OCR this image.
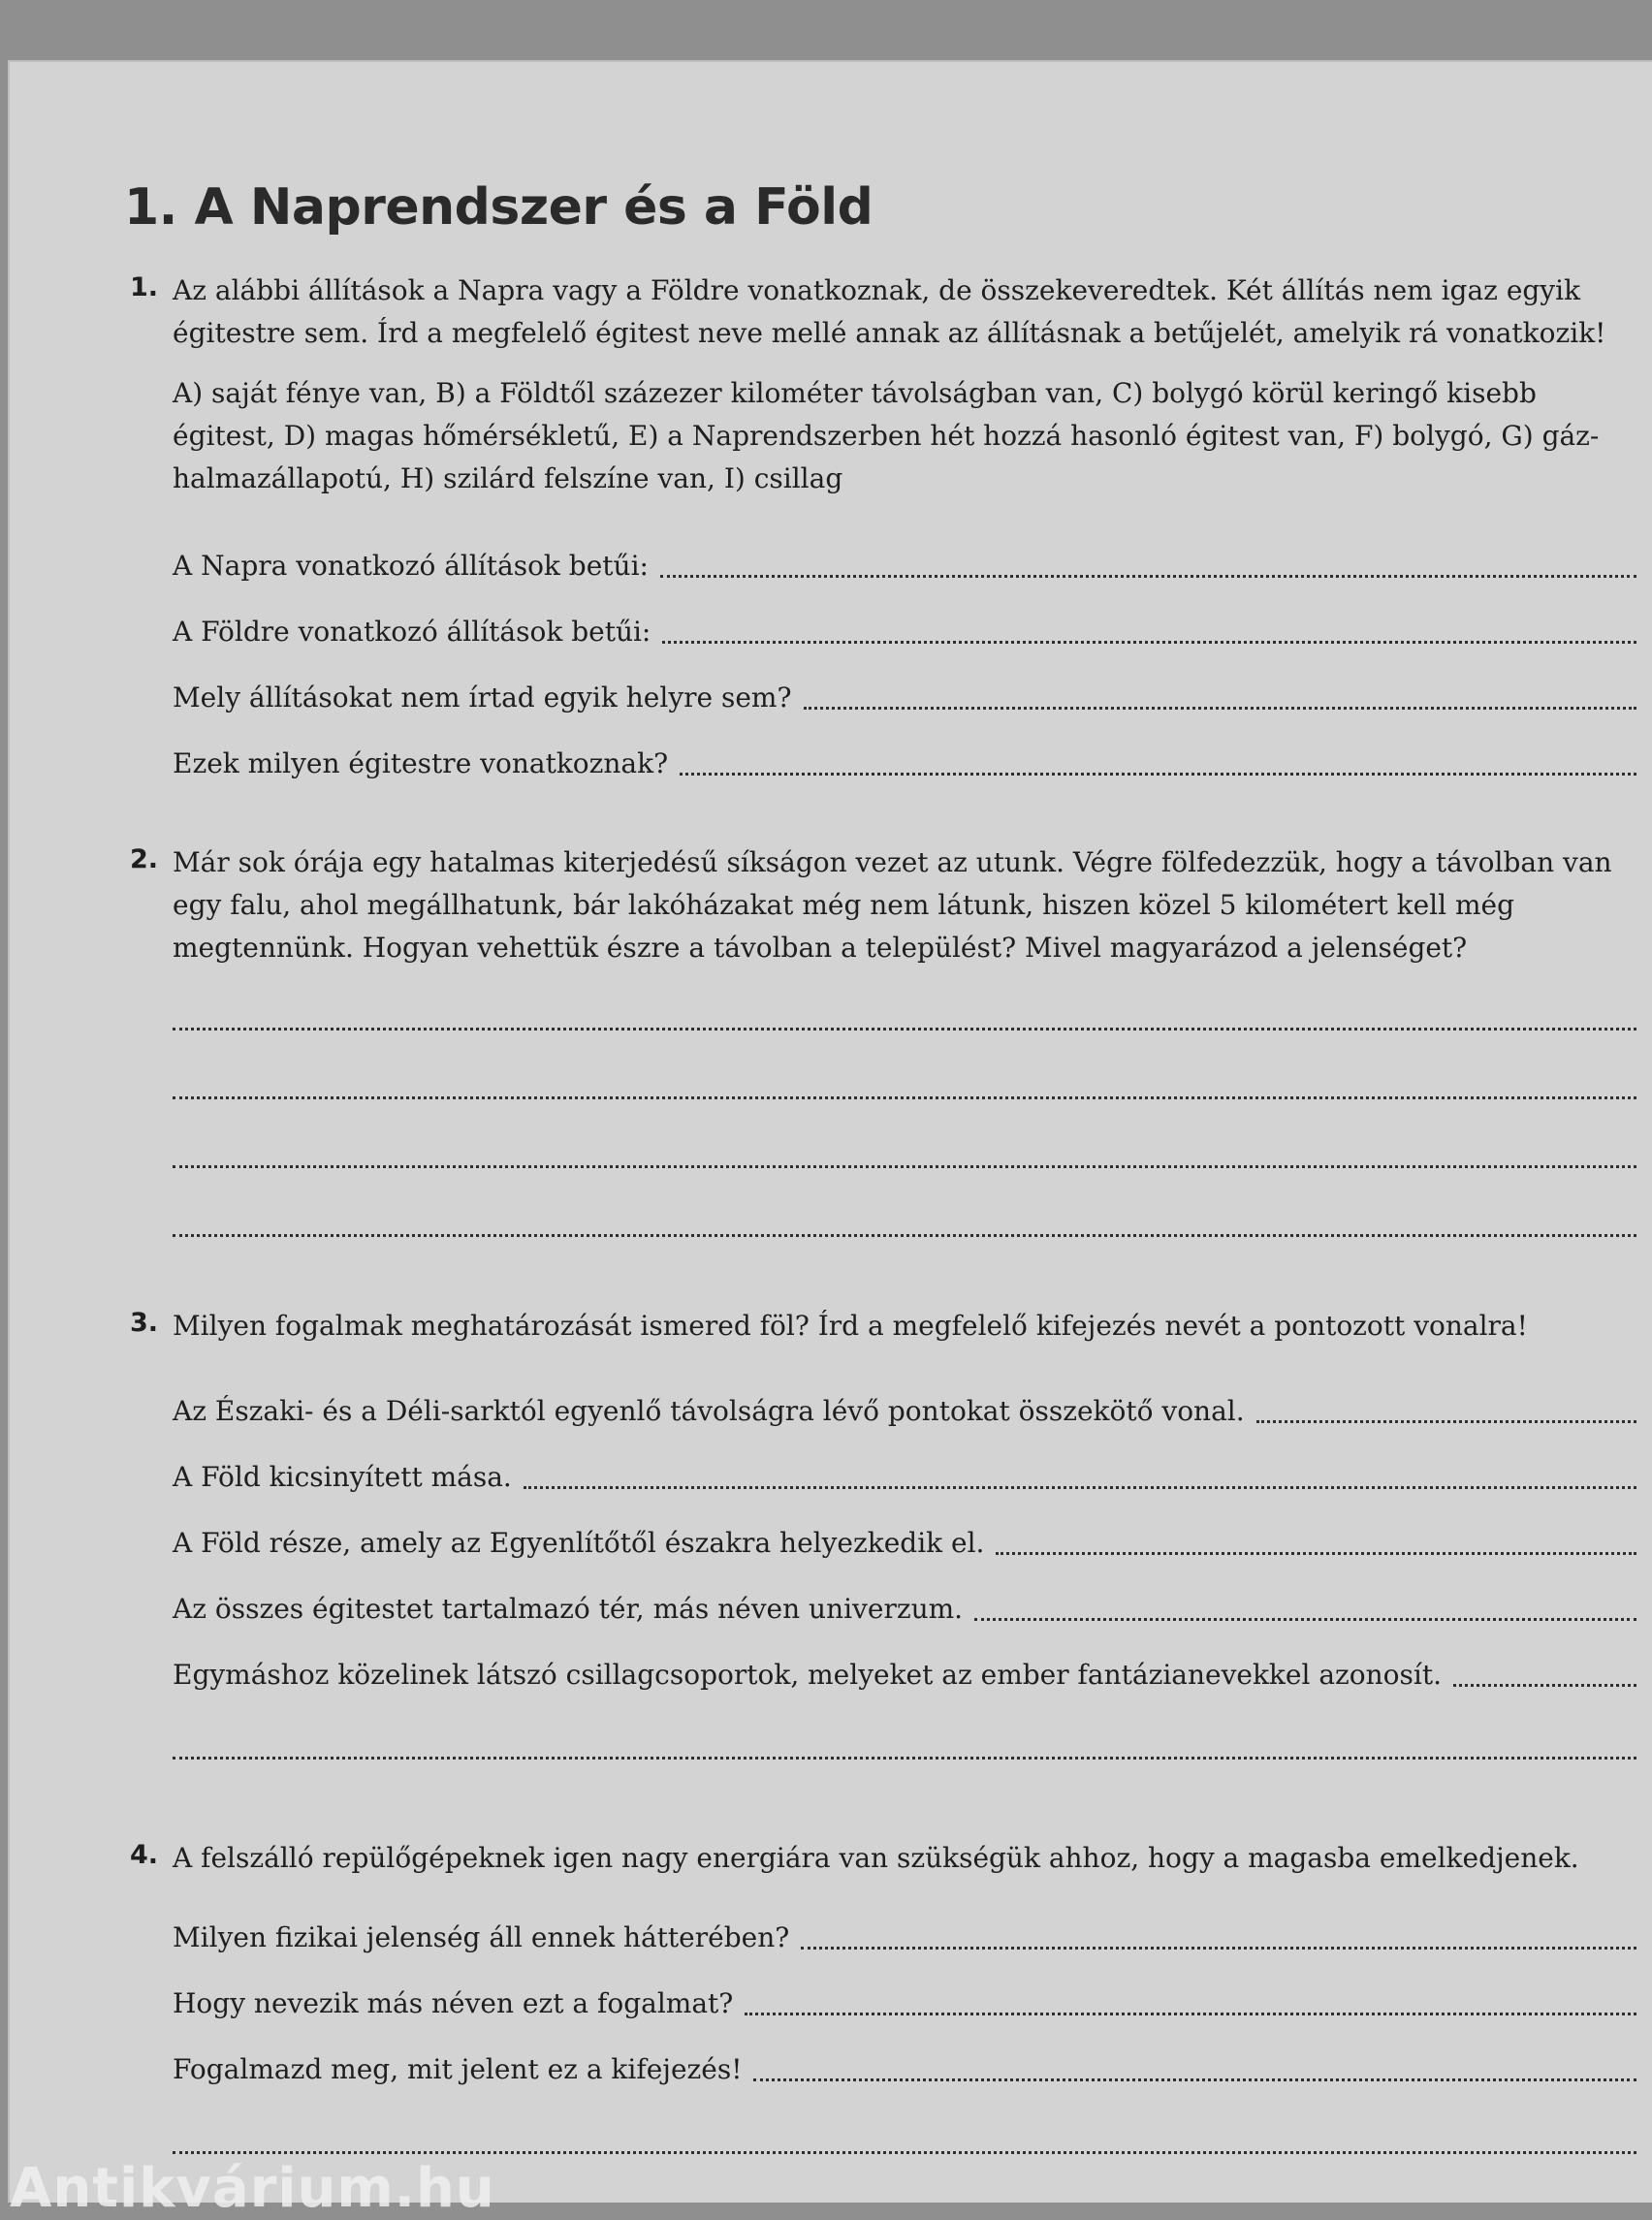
1. A Naprendszer és a Föld
1. Az alábbi állítások a Napra vagy a Földre vonatkoznak, de összekeveredtek. Két állítás nem igaz egyik égitestre sem. Írd a megfelelő égitest neve mellé annak az állításnak a betűjelét, amelyik rá vonatkozik!
A) saját fénye van, B) a Földtől százezer kilométer távolságban van, C) bolygó körül keringő kisebb égitest, D) magas hőmérsékletű, E) a Naprendszerben hét hozzá hasonló égitest van, F) bolygó, G) gáz-halmazállapotú, H) szilárd felszíne van, I) csillag
A Napra vonatkozó állítások betűi:
A Földre vonatkozó állítások betűi:
Mely állításokat nem írtad egyik helyre sem?
Ezek milyen égitestre vonatkoznak?
2. Már sok órája egy hatalmas kiterjedésű síkságon vezet az utunk. Végre fölfedezzük, hogy a távolban van egy falu, ahol megállhatunk, bár lakóházakat még nem látunk, hiszen közel 5 kilométert kell még megtennünk. Hogyan vehettük észre a távolban a települést? Mivel magyarázod a jelenséget?
3. Milyen fogalmak meghatározását ismered föl? Írd a megfelelő kifejezés nevét a pontozott vonalra!
Az Északi- és a Déli-sarktól egyenlő távolságra lévő pontokat összekötő vonal.
A Föld kicsinyített mása.
A Föld része, amely az Egyenlítőtől északra helyezkedik el.
Az összes égitestet tartalmazó tér, más néven univerzum.
Egymáshoz közelinek látszó csillagcsoportok, melyeket az ember fantázianevekkel azonosít.
4. A felszálló repülőgépeknek igen nagy energiára van szükségük ahhoz, hogy a magasba emelkedjenek.
Milyen fizikai jelenség áll ennek hátterében?
Hogy nevezik más néven ezt a fogalmat?
Fogalmazd meg, mit jelent ez a kifejezés!
Antikvárium.hu
